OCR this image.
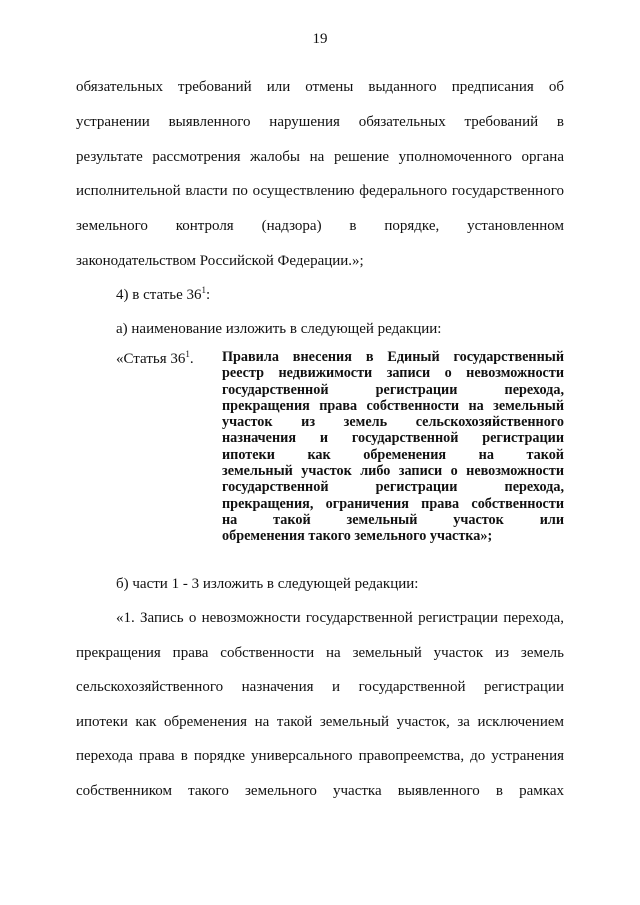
19
обязательных требований или отмены выданного предписания об
устранении выявленного нарушения обязательных требований в
результате рассмотрения жалобы на решение уполномоченного органа
исполнительной власти по осуществлению федерального государственного
земельного контроля (надзора) в порядке, установленном
законодательством Российской Федерации.»;
4) в статье $36^1$:
а) наименование изложить в следующей редакции:
«Статья $36^1$. Правила внесения в Единый государственный
реестр недвижимости записи о невозможности
государственной регистрации перехода,
прекращения права собственности на земельный
участок из земель сельскохозяйственного
назначения и государственной регистрации
ипотеки как обременения на такой
земельный участок либо записи о невозможности
государственной регистрации перехода,
прекращения, ограничения права собственности
на такой земельный участок или
обременения такого земельного участка»;
б) части 1 - 3 изложить в следующей редакции:
«1. Запись о невозможности государственной регистрации перехода,
прекращения права собственности на земельный участок из земель
сельскохозяйственного назначения и государственной регистрации
ипотеки как обременения на такой земельный участок, за исключением
перехода права в порядке универсального правопреемства, до устранения
собственником такого земельного участка выявленного в рамках
